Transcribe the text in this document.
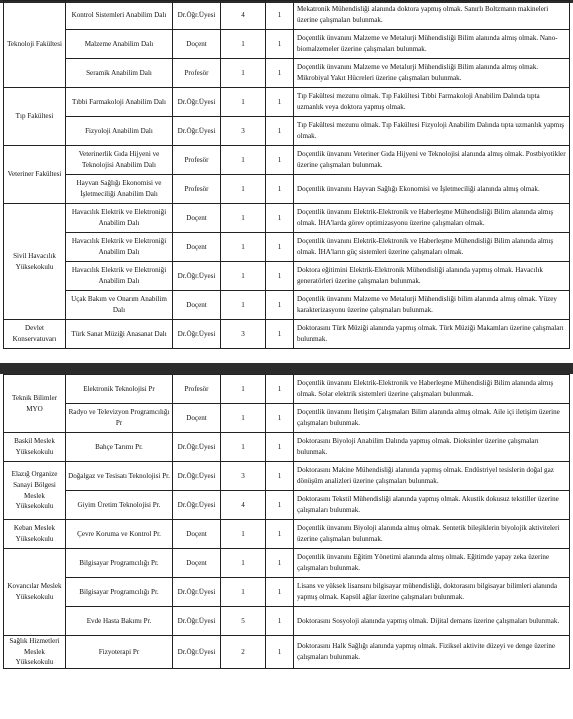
Teknoloji Fakültesi	Kontrol Sistemleri Anabilim Dalı	Dr.Öğr.Üyesi	4	1	Mekatronik Mühendisliği alanında doktora yapmış olmak. Sanırlı Boltzmann makineleri üzerine çalışmaları bulunmak.
	Malzeme Anabilim Dalı	Doçent	1	1	Doçentlik ünvanını Malzeme ve Metalurji Mühendisliği Bilim alanında almış olmak. Nano-biomalzemeler üzerine çalışmaları bulunmak.
	Seramik Anabilim Dalı	Profesör	1	1	Doçentlik ünvanını Malzeme ve Metalurji Mühendisliği Bilim alanında almış olmak. Mikrobiyal Yakıt Hücreleri üzerine çalışmaları bulunmak.
Tıp Fakültesi	Tıbbi Farmakoloji Anabilim Dalı	Dr.Öğr.Üyesi	1	1	Tıp Fakültesi mezunu olmak. Tıp Fakültesi Tıbbi Farmakoloji Anabilim Dalında tıpta uzmanlık veya doktora yapmış olmak.
	Fizyoloji Anabilim Dalı	Dr.Öğr.Üyesi	3	1	Tıp Fakültesi mezunu olmak. Tıp Fakültesi Fizyoloji Anabilim Dalında tıpta uzmanlık yapmış olmak.
Veteriner Fakültesi	Veterinerlik Gıda Hijyeni ve Teknolojisi Anabilim Dalı	Profesör	1	1	Doçentlik ünvanını Veteriner Gıda Hijyeni ve Teknolojisi alanında almış olmak. Postbiyotikler üzerine çalışmaları bulunmak.
	Hayvan Sağlığı Ekonomisi ve İşletmeciliği Anabilim Dalı	Profesör	1	1	Doçentlik ünvanını Hayvan Sağlığı Ekonomisi ve İşletmeciliği alanında almış olmak.
Sivil Havacılık Yüksekokulu	Havacılık Elektrik ve Elektroniği Anabilim Dalı	Doçent	1	1	Doçentlik ünvanını Elektrik-Elektronik ve Haberleşme Mühendisliği Bilim alanında almış olmak. İHA'larda görev optimizasyonu üzerine çalışmaları olmak.
	Havacılık Elektrik ve Elektroniği Anabilim Dalı	Doçent	1	1	Doçentlik ünvanını Elektrik-Elektronik ve Haberleşme Mühendisliği Bilim alanında almış olmak. İHA'ların güç sistemleri üzerine çalışmaları olmak.
	Havacılık Elektrik ve Elektroniği Anabilim Dalı	Dr.Öğr.Üyesi	1	1	Doktora eğitimini Elektrik-Elektronik Mühendisliği alanında yapmış olmak. Havacılık generatörleri üzerine çalışmaları bulunmak.
	Uçak Bakım ve Onarım Anabilim Dalı	Doçent	1	1	Doçentlik ünvanını Malzeme ve Metalurji Mühendisliği bilim alanında almış olmak. Yüzey karakterizasyonu üzerine çalışmaları bulunmak.
Devlet Konservatuvarı	Türk Sanat Müziği Anasanat Dalı	Dr.Öğr.Üyesi	3	1	Doktorasını Türk Müziği alanında yapmış olmak. Türk Müziği Makamları üzerine çalışmaları bulunmak.
Teknik Bilimler MYO	Elektronik Teknolojisi Pr	Profesör	1	1	Doçentlik ünvanını Elektrik-Elektronik ve Haberleşme Mühendisliği Bilim alanında almış olmak. Solar elektrik sistemleri üzerine çalışmaları bulunmak.
	Radyo ve Televizyon Programcılığı Pr	Doçent	1	1	Doçentlik ünvanını İletişim Çalışmaları Bilim alanında almış olmak. Aile içi iletişim üzerine çalışmaları bulunmak.
Baskil Meslek Yüksekokulu	Bahçe Tarımı Pr.	Dr.Öğr.Üyesi	1	1	Doktorasını Biyoloji Anabilim Dalında yapmış olmak. Dioksinler üzerine çalışmaları bulunmak.
Elazığ Organize Sanayi Bölgesi Meslek Yüksekokulu	Doğalgaz ve Tesisatı Teknolojisi Pr.	Dr.Öğr.Üyesi	3	1	Doktorasını Makine Mühendisliği alanında yapmış olmak. Endüstriyel tesislerin doğal gaz dönüşüm analizleri üzerine çalışmaları bulunmak.
	Giyim Üretim Teknolojisi Pr.	Dr.Öğr.Üyesi	4	1	Doktorasını Tekstil Mühendisliği alanında yapmış olmak. Akustik dokusuz tekstiller üzerine çalışmaları bulunmak.
Keban Meslek Yüksekokulu	Çevre Koruma ve Kontrol Pr.	Doçent	1	1	Doçentlik ünvanını Biyoloji alanında almış olmak. Sentetik bileşiklerin biyolojik aktiviteleri üzerine çalışmaları bulunmak.
Kovancılar Meslek Yüksekokulu	Bilgisayar Programcılığı Pr.	Doçent	1	1	Doçentlik ünvanını Eğitim Yönetimi alanında almış olmak. Eğitimde yapay zeka üzerine çalışmaları bulunmak.
	Bilgisayar Programcılığı Pr.	Dr.Öğr.Üyesi	1	1	Lisans ve yüksek lisansını bilgisayar mühendisliği, doktorasını bilgisayar bilimleri alanında yapmış olmak. Kapsül ağlar üzerine çalışmaları bulunmak.
	Evde Hasta Bakımı Pr.	Dr.Öğr.Üyesi	5	1	Doktorasını Sosyoloji alanında yapmış olmak. Dijital demans üzerine çalışmaları bulunmak.
Sağlık Hizmetleri Meslek Yüksekokulu	Fizyoterapi Pr	Dr.Öğr.Üyesi	2	1	Doktorasını Halk Sağlığı alanında yapmış olmak. Fiziksel aktivite düzeyi ve denge üzerine çalışmaları bulunmak.
